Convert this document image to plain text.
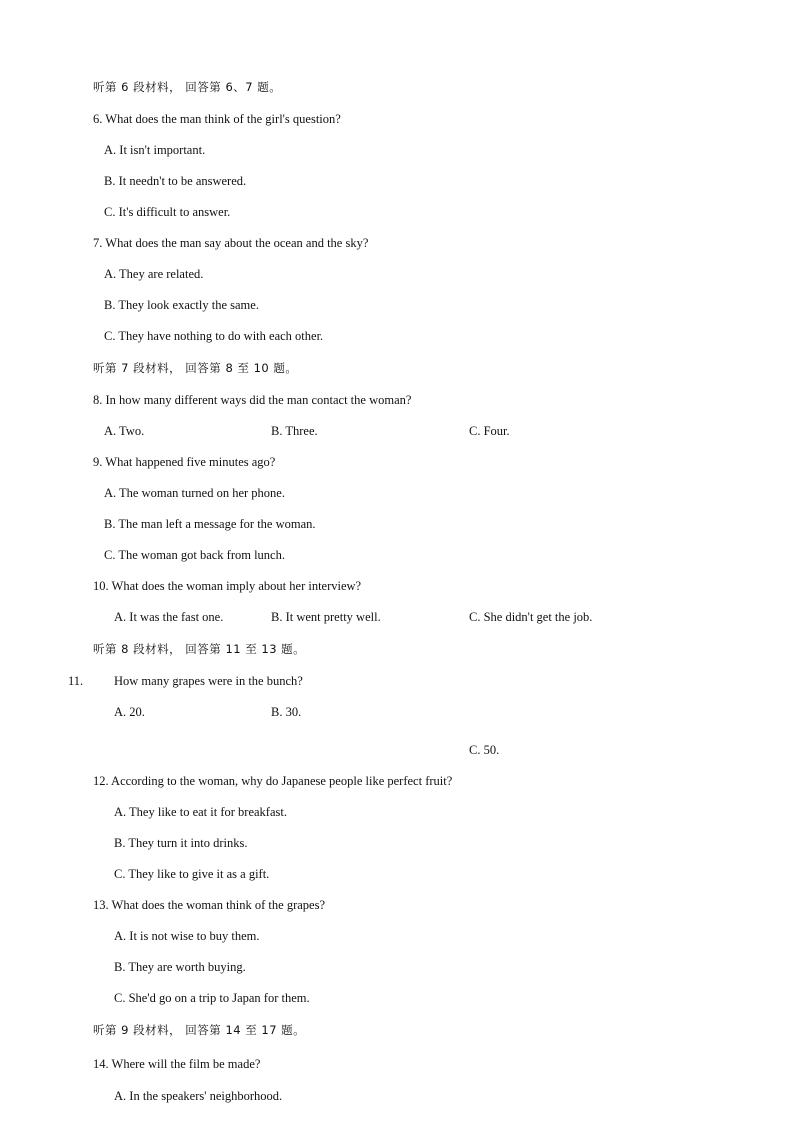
听第 6 段材料， 回答第 6、7 题。
6. What does the man think of the girl's question?
A. It isn't important.
B. It needn't to be answered.
C. It's difficult to answer.
7. What does the man say about the ocean and the sky?
A. They are related.
B. They look exactly the same.
C. They have nothing to do with each other.
听第 7 段材料， 回答第 8 至 10 题。
8. In how many different ways did the man contact the woman?
A. Two.	B. Three.	C. Four.
9. What happened five minutes ago?
A. The woman turned on her phone.
B. The man left a message for the woman.
C. The woman got back from lunch.
10. What does the woman imply about her interview?
A. It was the fast one.	B. It went pretty well.	C. She didn't get the job.
听第 8 段材料， 回答第 11 至 13 题。
11. How many grapes were in the bunch?
A. 20.	B. 30.
C. 50.
12. According to the woman, why do Japanese people like perfect fruit?
A. They like to eat it for breakfast.
B. They turn it into drinks.
C. They like to give it as a gift.
13. What does the woman think of the grapes?
A. It is not wise to buy them.
B. They are worth buying.
C. She'd go on a trip to Japan for them.
听第 9 段材料， 回答第 14 至 17 题。
14. Where will the film be made?
A. In the speakers' neighborhood.
